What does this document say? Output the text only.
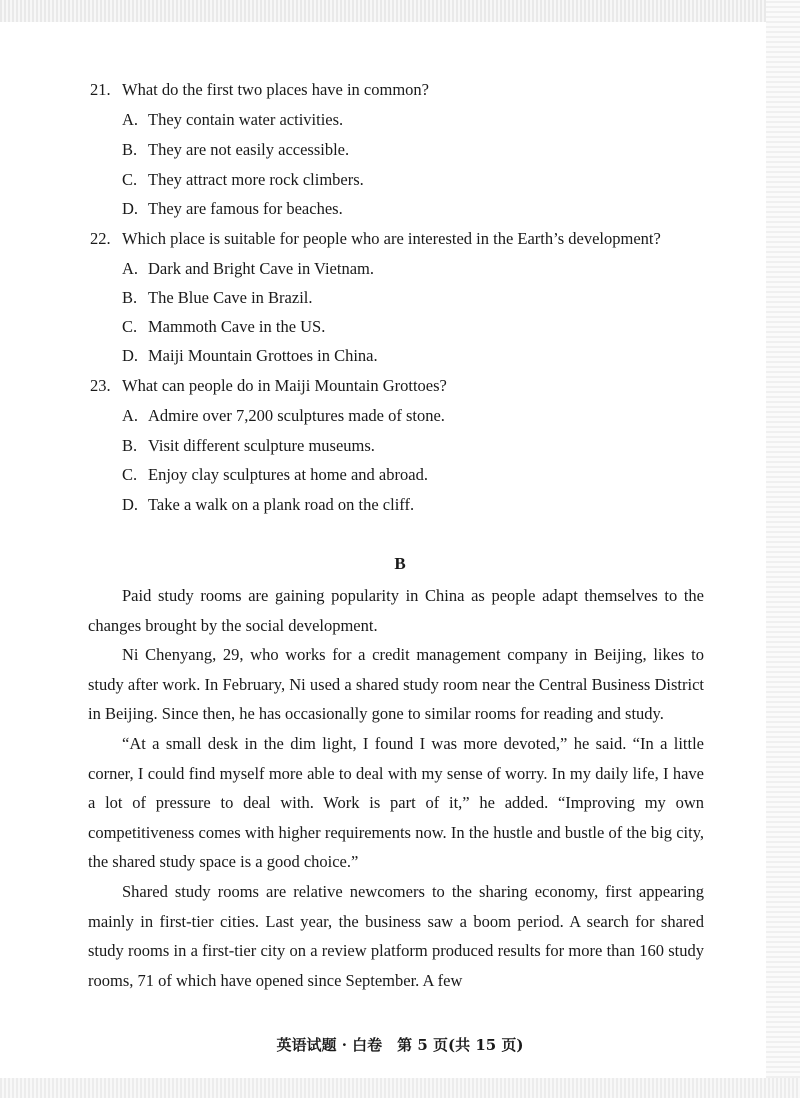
21. What do the first two places have in common?
A. They contain water activities.
B. They are not easily accessible.
C. They attract more rock climbers.
D. They are famous for beaches.
22. Which place is suitable for people who are interested in the Earth’s development?
A. Dark and Bright Cave in Vietnam.
B. The Blue Cave in Brazil.
C. Mammoth Cave in the US.
D. Maiji Mountain Grottoes in China.
23. What can people do in Maiji Mountain Grottoes?
A. Admire over 7,200 sculptures made of stone.
B. Visit different sculpture museums.
C. Enjoy clay sculptures at home and abroad.
D. Take a walk on a plank road on the cliff.
B

Paid study rooms are gaining popularity in China as people adapt themselves to the changes brought by the social development.

Ni Chenyang, 29, who works for a credit management company in Beijing, likes to study after work. In February, Ni used a shared study room near the Central Business District in Beijing. Since then, he has occasionally gone to similar rooms for reading and study.

“At a small desk in the dim light, I found I was more devoted,” he said. “In a little corner, I could find myself more able to deal with my sense of worry. In my daily life, I have a lot of pressure to deal with. Work is part of it,” he added. “Improving my own competitiveness comes with higher requirements now. In the hustle and bustle of the big city, the shared study space is a good choice.”

Shared study rooms are relative newcomers to the sharing economy, first appearing mainly in first-tier cities. Last year, the business saw a boom period. A search for shared study rooms in a first-tier city on a review platform produced results for more than 160 study rooms, 71 of which have opened since September. A few

英语试题 · 白卷　第 5 页(共 15 页)
